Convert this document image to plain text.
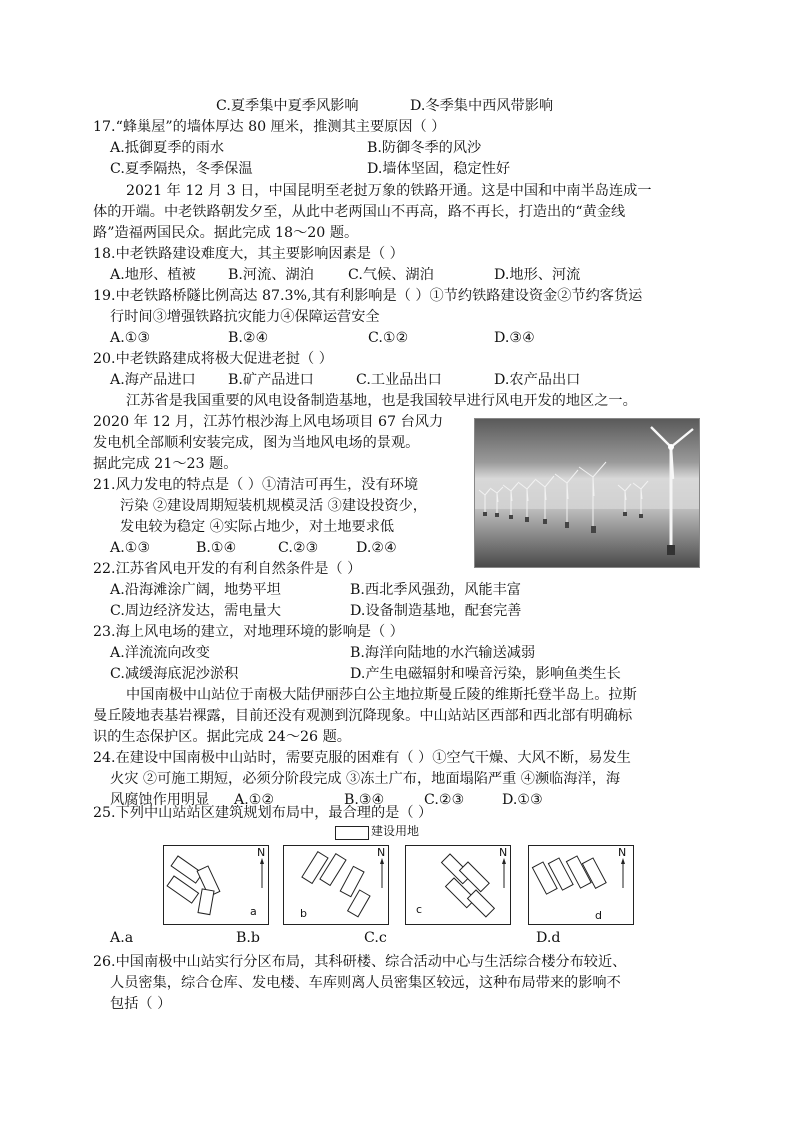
C.夏季集中夏季风影响	D.冬季集中西风带影响
17.“蜂巢屋”的墙体厚达 80 厘米，推测其主要原因（ ）
A.抵御夏季的雨水	B.防御冬季的风沙
C.夏季隔热，冬季保温	D.墙体坚固，稳定性好
2021 年 12 月 3 日，中国昆明至老挝万象的铁路开通。这是中国和中南半岛连成一
体的开端。中老铁路朝发夕至，从此中老两国山不再高，路不再长，打造出的“黄金线
路”造福两国民众。据此完成 18～20 题。
18.中老铁路建设难度大，其主要影响因素是（ ）
A.地形、植被 B.河流、湖泊 C.气候、湖泊	D.地形、河流
19.中老铁路桥隧比例高达 87.3%,其有利影响是（ ）①节约铁路建设资金②节约客货运
行时间③增强铁路抗灾能力④保障运营安全
A.①③	B.②④	C.①②	D.③④
20.中老铁路建成将极大促进老挝（ ）
A.海产品进口 B.矿产品进口	C.工业品出口	D.农产品出口
江苏省是我国重要的风电设备制造基地，也是我国较早进行风电开发的地区之一。
2020 年 12 月，江苏竹根沙海上风电场项目 67 台风力
发电机全部顺利安装完成，图为当地风电场的景观。
据此完成 21～23 题。
21.风力发电的特点是（ ）①清洁可再生，没有环境
污染 ②建设周期短装机规模灵活 ③建设投资少，
发电较为稳定 ④实际占地少，对土地要求低
A.①③	B.①④	C.②③	D.②④
22.江苏省风电开发的有利自然条件是（ ）
A.沿海滩涂广阔，地势平坦	B.西北季风强劲，风能丰富
C.周边经济发达，需电量大	D.设备制造基地，配套完善
23.海上风电场的建立，对地理环境的影响是（ ）
A.洋流流向改变	B.海洋向陆地的水汽输送减弱
C.减缓海底泥沙淤积	D.产生电磁辐射和噪音污染，影响鱼类生长
中国南极中山站位于南极大陆伊丽莎白公主地拉斯曼丘陵的维斯托登半岛上。拉斯
曼丘陵地表基岩裸露，目前还没有观测到沉降现象。中山站站区西部和西北部有明确标
识的生态保护区。据此完成 24～26 题。
24.在建设中国南极中山站时，需要克服的困难有（ ）①空气干燥、大风不断，易发生
火灾 ②可施工期短，必须分阶段完成 ③冻土广布，地面塌陷严重 ④濒临海洋，海
风腐蚀作用明显 A.①②	B.③④	C.②③	D.①③
25.下列中山站站区建筑规划布局中，最合理的是（ ）
建设用地
N
a
N
b
N
c
N
d
A.a	B.b	C.c	D.d
26.中国南极中山站实行分区布局，其科研楼、综合活动中心与生活综合楼分布较近、
人员密集，综合仓库、发电楼、车库则离人员密集区较远，这种布局带来的影响不
包括（ ）
